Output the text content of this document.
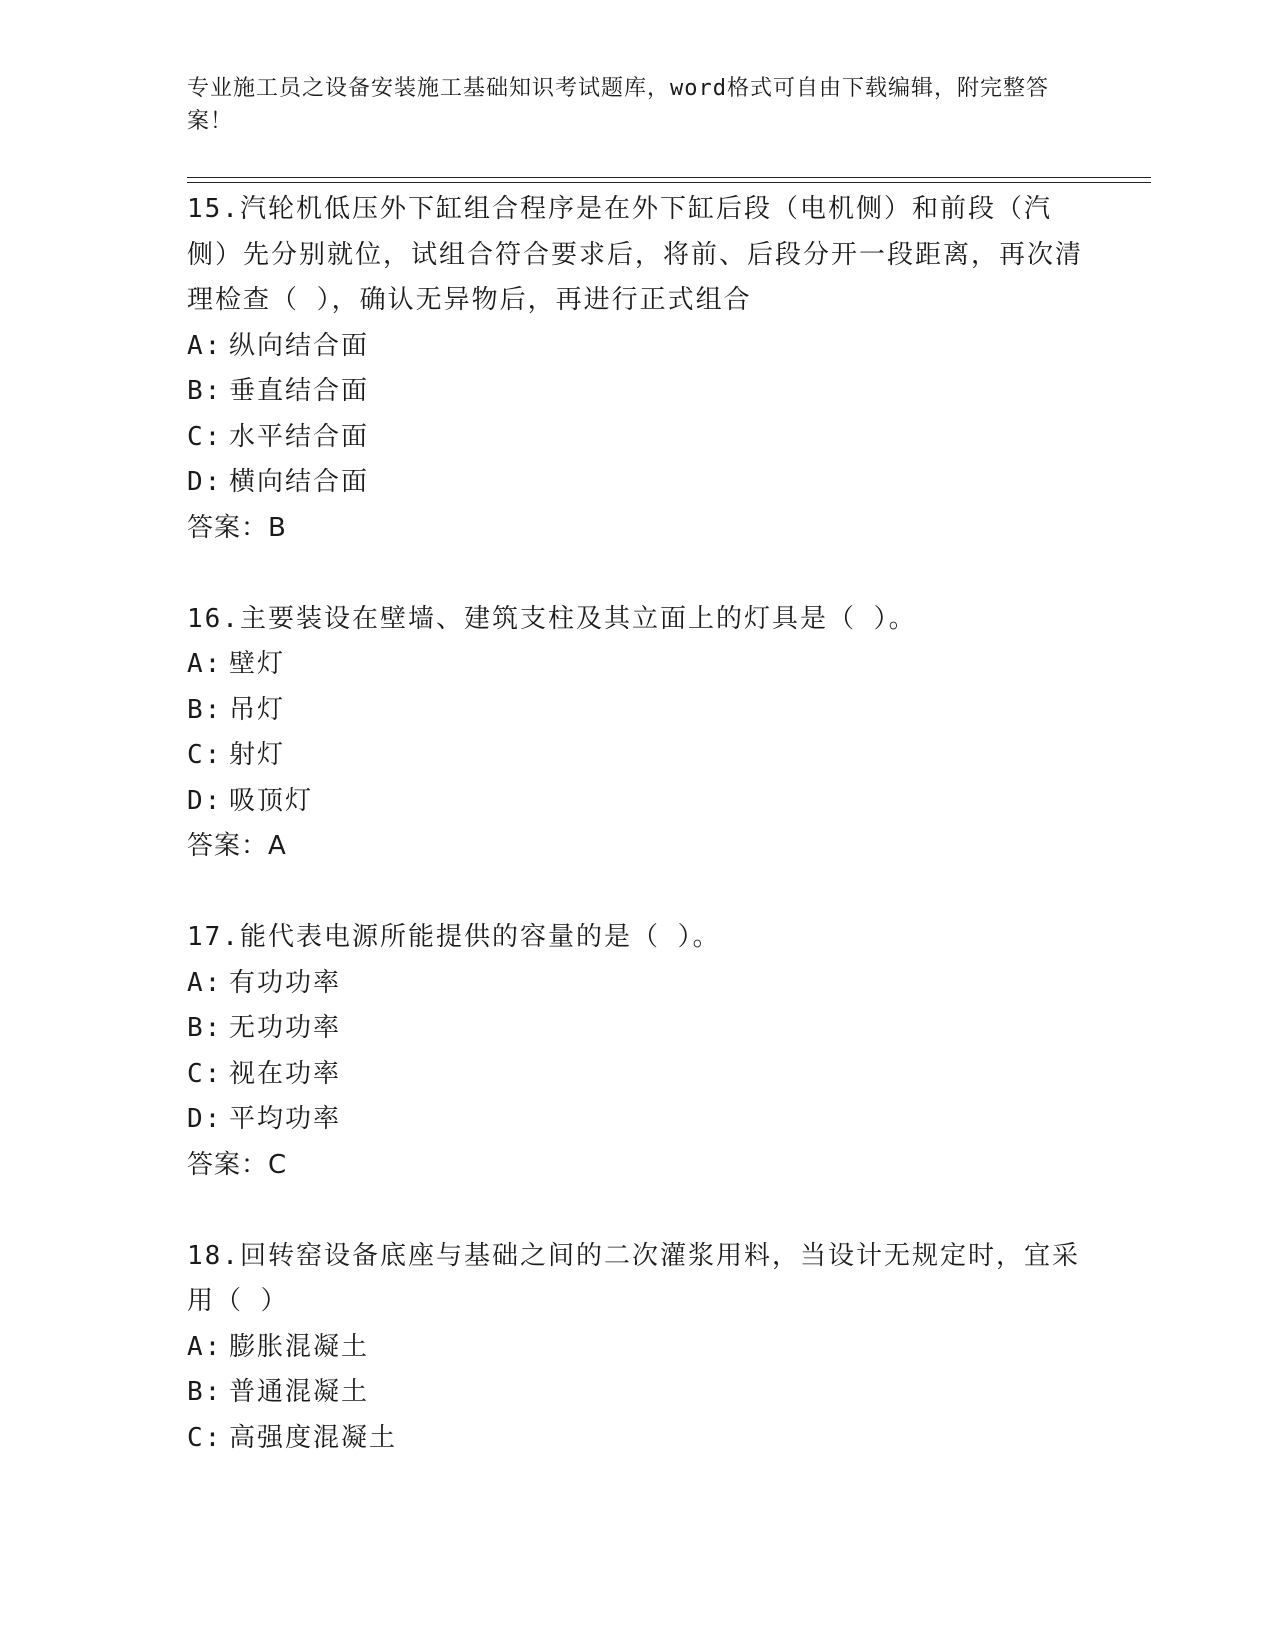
专业施工员之设备安装施工基础知识考试题库，word格式可自由下载编辑，附完整答案！

15.汽轮机低压外下缸组合程序是在外下缸后段（电机侧）和前段（汽侧）先分别就位，试组合符合要求后，将前、后段分开一段距离，再次清理检查（ ），确认无异物后，再进行正式组合

A: 纵向结合面

B: 垂直结合面

C: 水平结合面

D: 横向结合面

答案：B

16.主要装设在壁墙、建筑支柱及其立面上的灯具是（ ）。

A: 壁灯

B: 吊灯

C: 射灯

D: 吸顶灯

答案：A

17.能代表电源所能提供的容量的是（ ）。

A: 有功功率

B: 无功功率

C: 视在功率

D: 平均功率

答案：C

18.回转窑设备底座与基础之间的二次灌浆用料，当设计无规定时，宜采用（ ）

A: 膨胀混凝土

B: 普通混凝土

C: 高强度混凝土
